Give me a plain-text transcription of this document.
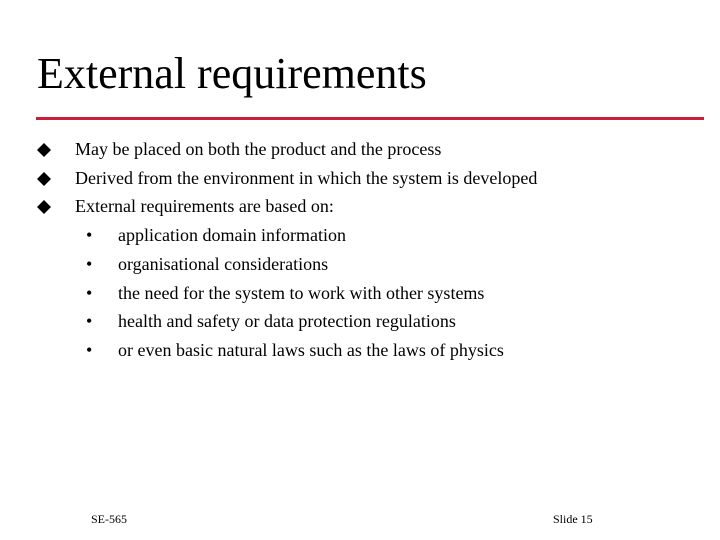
External requirements
May be placed on both the product and the process
Derived from the environment in which the system is developed
External requirements are based on:
• application domain information
• organisational considerations
• the need for the system to work with other systems
• health and safety or data protection regulations
• or even basic natural laws such as the laws of physics
SE-565	Slide 15
